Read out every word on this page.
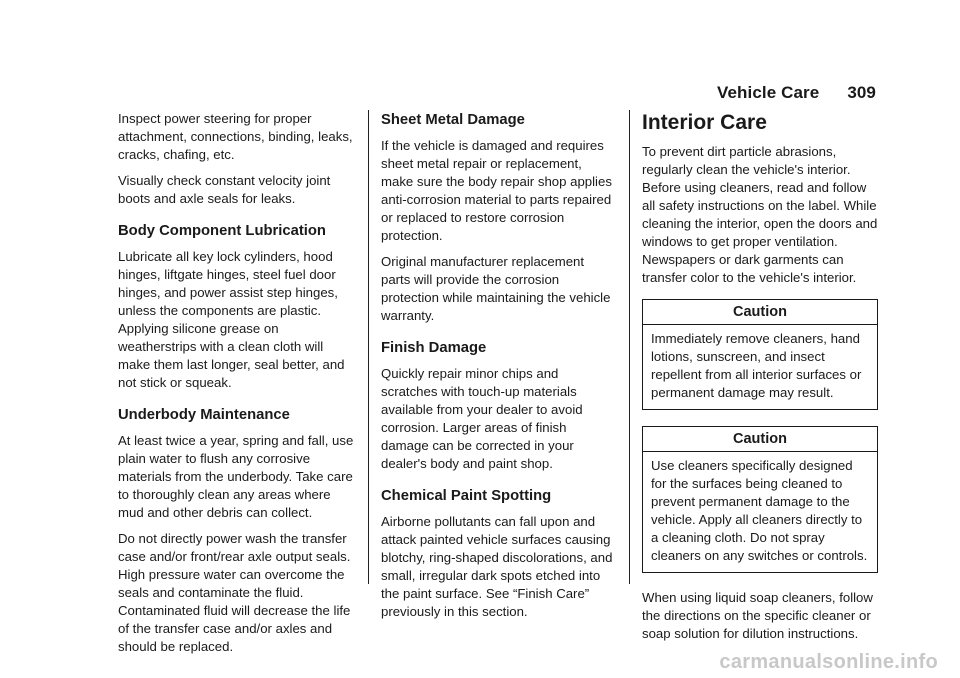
Vehicle Care 309

Inspect power steering for proper attachment, connections, binding, leaks, cracks, chafing, etc.

Visually check constant velocity joint boots and axle seals for leaks.

Body Component Lubrication

Lubricate all key lock cylinders, hood hinges, liftgate hinges, steel fuel door hinges, and power assist step hinges, unless the components are plastic. Applying silicone grease on weatherstrips with a clean cloth will make them last longer, seal better, and not stick or squeak.

Underbody Maintenance

At least twice a year, spring and fall, use plain water to flush any corrosive materials from the underbody. Take care to thoroughly clean any areas where mud and other debris can collect.

Do not directly power wash the transfer case and/or front/rear axle output seals. High pressure water can overcome the seals and contaminate the fluid. Contaminated fluid will decrease the life of the transfer case and/or axles and should be replaced.

Sheet Metal Damage

If the vehicle is damaged and requires sheet metal repair or replacement, make sure the body repair shop applies anti-corrosion material to parts repaired or replaced to restore corrosion protection.

Original manufacturer replacement parts will provide the corrosion protection while maintaining the vehicle warranty.

Finish Damage

Quickly repair minor chips and scratches with touch-up materials available from your dealer to avoid corrosion. Larger areas of finish damage can be corrected in your dealer's body and paint shop.

Chemical Paint Spotting

Airborne pollutants can fall upon and attack painted vehicle surfaces causing blotchy, ring-shaped discolorations, and small, irregular dark spots etched into the paint surface. See “Finish Care” previously in this section.

Interior Care

To prevent dirt particle abrasions, regularly clean the vehicle's interior. Before using cleaners, read and follow all safety instructions on the label. While cleaning the interior, open the doors and windows to get proper ventilation. Newspapers or dark garments can transfer color to the vehicle's interior.

Caution
Immediately remove cleaners, hand lotions, sunscreen, and insect repellent from all interior surfaces or permanent damage may result.
Caution
Use cleaners specifically designed for the surfaces being cleaned to prevent permanent damage to the vehicle. Apply all cleaners directly to a cleaning cloth. Do not spray cleaners on any switches or controls.

When using liquid soap cleaners, follow the directions on the specific cleaner or soap solution for dilution instructions.

carmanualsonline.info
